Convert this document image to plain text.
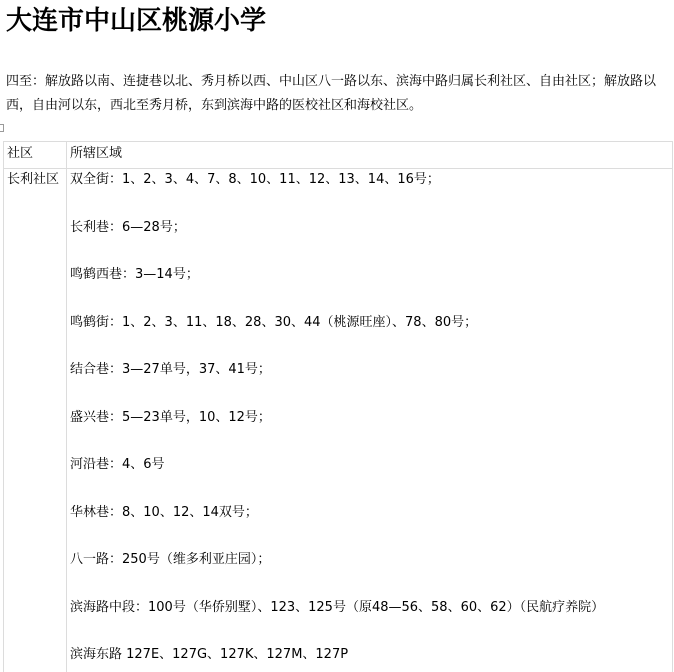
大连市中山区桃源小学

四至：解放路以南、连捷巷以北、秀月桥以西、中山区八一路以东、滨海中路归属长利社区、自由社区；解放路以西，自由河以东，西北至秀月桥，东到滨海中路的医校社区和海校社区。

社区	所辖区域
长利社区 双全街：1、2、3、4、7、8、10、11、12、13、14、16号；
长利巷：6—28号；
鸣鹤西巷：3—14号；
鸣鹤街：1、2、3、11、18、28、30、44（桃源旺座）、78、80号；
结合巷：3—27单号，37、41号；
盛兴巷：5—23单号，10、12号；
河沿巷：4、6号
华林巷：8、10、12、14双号；
八一路：250号（维多利亚庄园）；
滨海路中段：100号（华侨别墅）、123、125号（原48—56、58、60、62）（民航疗养院）
滨海东路 127E、127G、127K、127M、127P
